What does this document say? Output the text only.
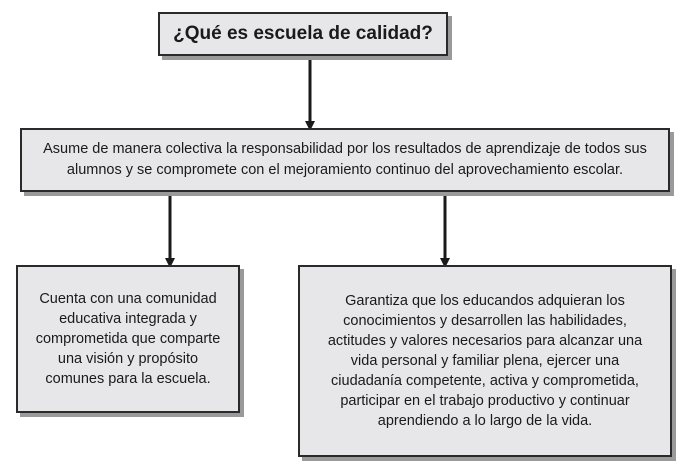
¿Qué es escuela de calidad?
Asume de manera colectiva la responsabilidad por los resultados de aprendizaje de todos sus alumnos y se compromete con el mejoramiento continuo del aprovechamiento escolar.
Cuenta con una comunidad educativa integrada y comprometida que comparte una visión y propósito comunes para la escuela.
Garantiza que los educandos adquieran los conocimientos y desarrollen las habilidades, actitudes y valores necesarios para alcanzar una vida personal y familiar plena, ejercer una ciudadanía competente, activa y comprometida, participar en el trabajo productivo y continuar aprendiendo a lo largo de la vida.
